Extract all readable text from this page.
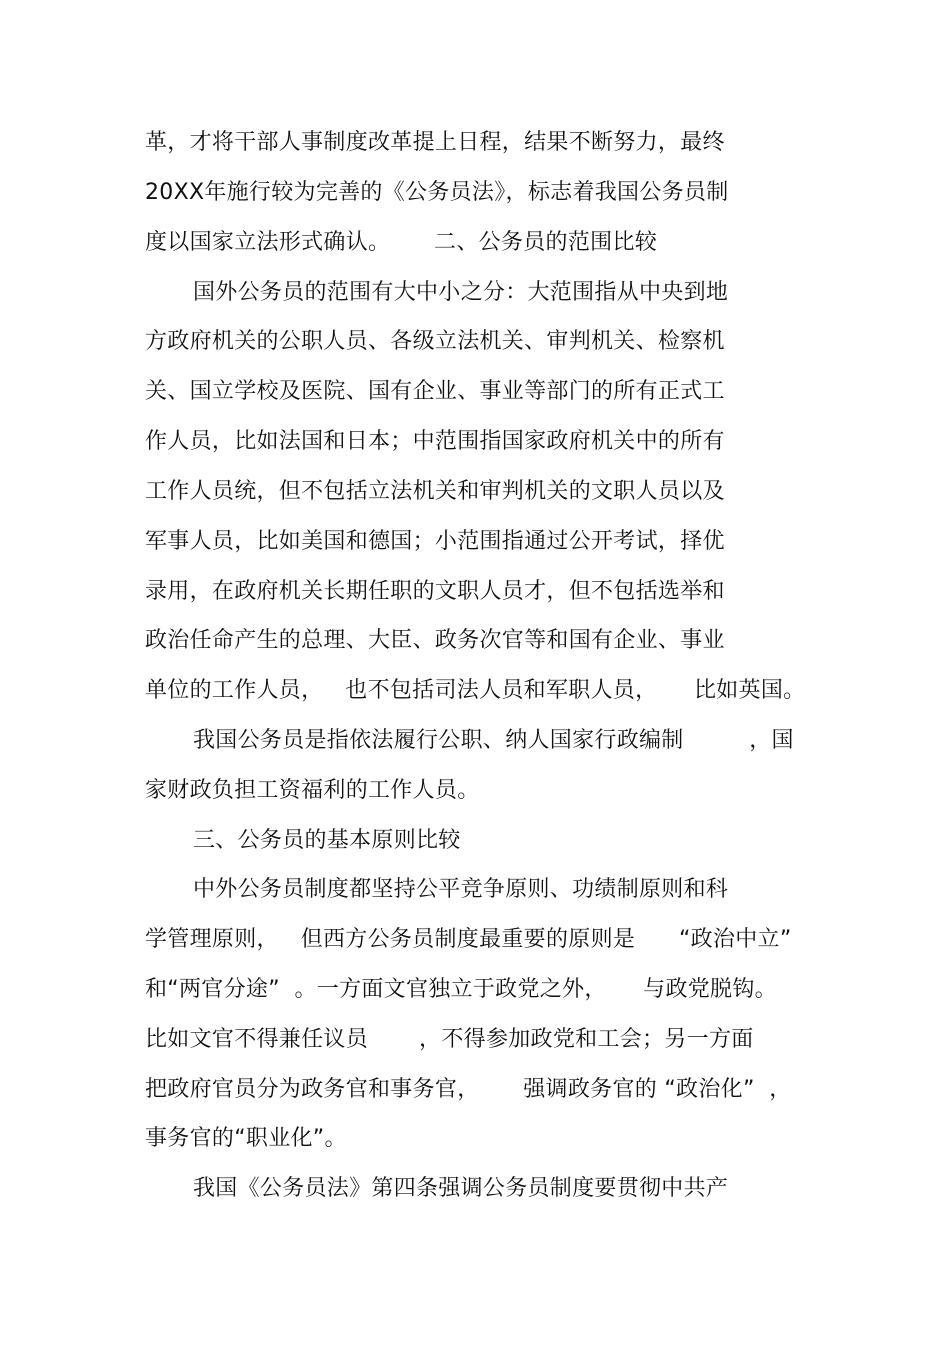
革，才将干部人事制度改革提上日程，结果不断努力，最终
20XX年施行较为完善的《公务员法》，标志着我国公务员制
度以国家立法形式确认。      二、公务员的范围比较
国外公务员的范围有大中小之分：大范围指从中央到地
方政府机关的公职人员、各级立法机关、审判机关、检察机
关、国立学校及医院、国有企业、事业等部门的所有正式工
作人员，比如法国和日本；中范围指国家政府机关中的所有
工作人员统，但不包括立法机关和审判机关的文职人员以及
军事人员，比如美国和德国；小范围指通过公开考试，择优
录用，在政府机关长期任职的文职人员才，但不包括选举和
政治任命产生的总理、大臣、政务次官等和国有企业、事业
单位的工作人员，   也不包括司法人员和军职人员，     比如英国。
我国公务员是指依法履行公职、纳人国家行政编制         ，国
家财政负担工资福利的工作人员。
三、公务员的基本原则比较
中外公务员制度都坚持公平竞争原则、功绩制原则和科
学管理原则，   但西方公务员制度最重要的原则是      “政治中立”
和“两官分途”  。一方面文官独立于政党之外，     与政党脱钩。
比如文官不得兼任议员       ，不得参加政党和工会；另一方面
把政府官员分为政务官和事务官，      强调政务官的 “政治化”  ，
事务官的“职业化”。
我国《公务员法》第四条强调公务员制度要贯彻中共产
